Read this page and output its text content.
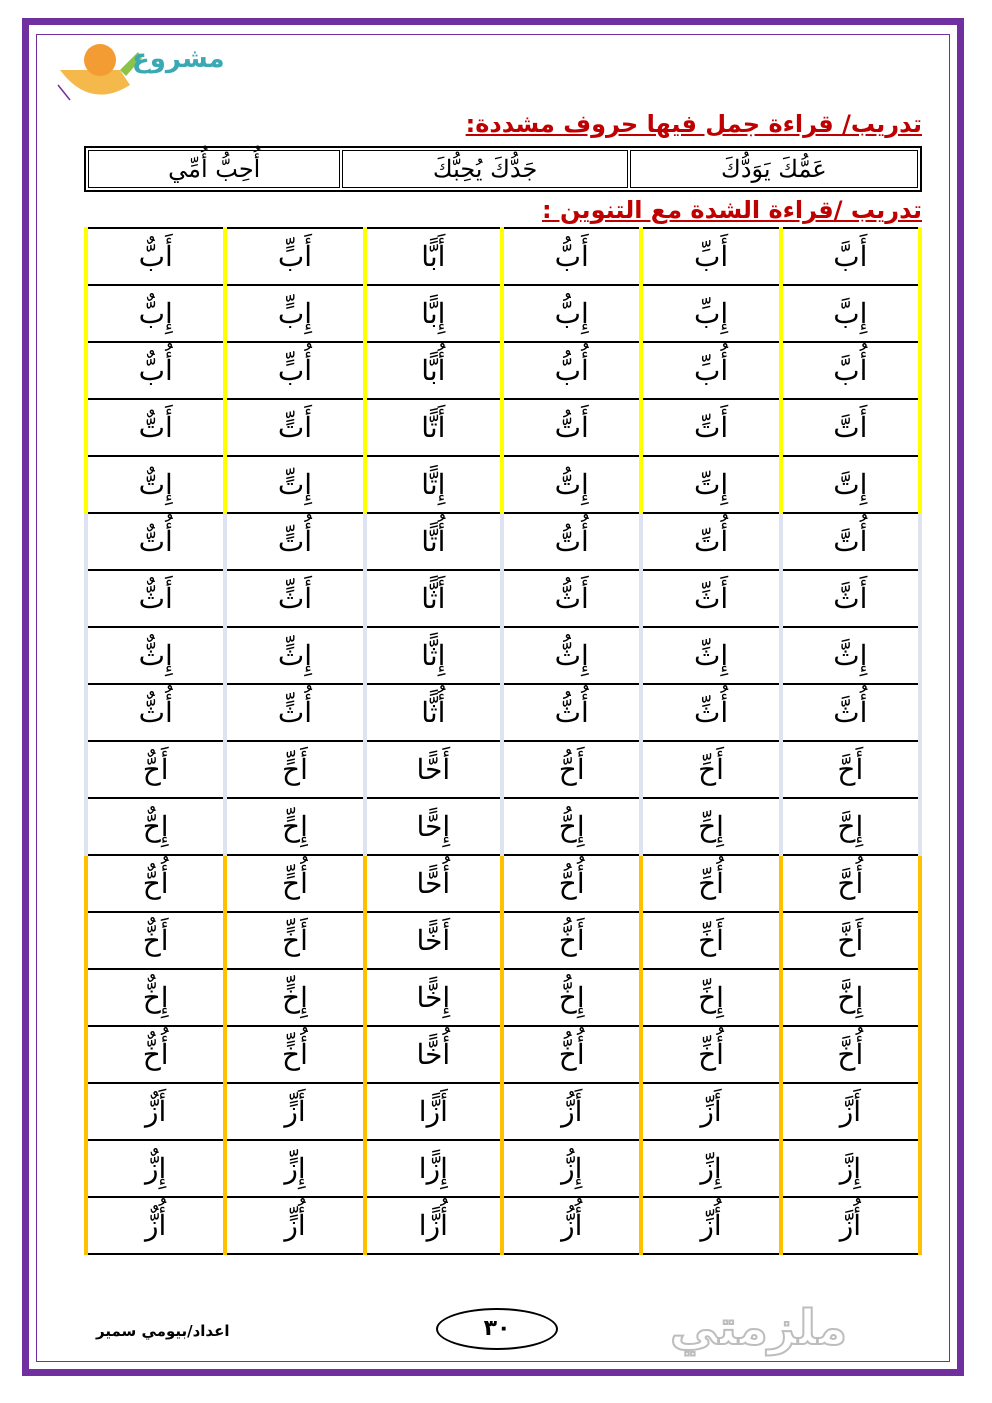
مشروع
تدريب/ قراءة جمل فيها حروف مشددة:
عَمُّكَ يَوَدُّكَ	جَدُّكَ يُحِبُّكَ	أُحِبُّ أُمِّي
تدريب /قراءة الشدة مع التنوين :
أَبَّ	أَبِّ	أَبُّ	أَبًّا	أَبٍّ	أَبٌّ
إِبَّ	إِبِّ	إِبُّ	إِبًّا	إِبٍّ	إِبٌّ
أُبَّ	أُبِّ	أُبُّ	أُبًّا	أُبٍّ	أُبٌّ
أَتَّ	أَتِّ	أَتُّ	أَتًّا	أَتٍّ	أَتٌّ
إِتَّ	إِتِّ	إِتُّ	إِتًّا	إِتٍّ	إِتٌّ
أُتَّ	أُتِّ	أُتُّ	أُتًّا	أُتٍّ	أُتٌّ
أَثَّ	أَثِّ	أَثُّ	أَثًّا	أَثٍّ	أَثٌّ
إِثَّ	إِثِّ	إِثُّ	إِثًّا	إِثٍّ	إِثٌّ
أُثَّ	أُثِّ	أُثُّ	أُثًّا	أُثٍّ	أُثٌّ
أَحَّ	أَحِّ	أَحُّ	أَحًّا	أَحٍّ	أَحٌّ
إِحَّ	إِحِّ	إِحُّ	إِحًّا	إِحٍّ	إِحٌّ
أُحَّ	أُحِّ	أُحُّ	أُحًّا	أُحٍّ	أُحٌّ
أَخَّ	أَخِّ	أَخُّ	أَخًّا	أَخٍّ	أَخٌّ
إِخَّ	إِخِّ	إِخُّ	إِخًّا	إِخٍّ	إِخٌّ
أُخَّ	أُخِّ	أُخُّ	أُخًّا	أُخٍّ	أُخٌّ
أَزَّ	أَزِّ	أَزُّ	أَزًّا	أَزٍّ	أَزٌّ
إِزَّ	إِزِّ	إِزُّ	إِزًّا	إِزٍّ	إِزٌّ
أُزَّ	أُزِّ	أُزُّ	أُزًّا	أُزٍّ	أُزٌّ
اعداد/بيومي سمير	٣٠	ملزمتي
